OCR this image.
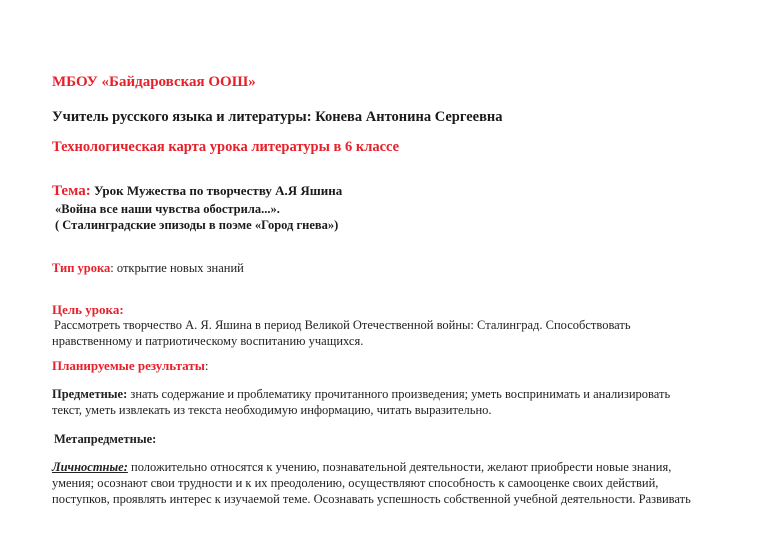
МБОУ «Байдаровская ООШ»
Учитель русского языка и литературы: Конева Антонина Сергеевна
Технологическая карта урока литературы в 6 классе
Тема: Урок Мужества по творчеству А.Я Яшина
«Война все наши чувства обострила...».
( Сталинградские эпизоды в поэме «Город гнева»)
Тип урока: открытие новых знаний
Цель урока:
Рассмотреть творчество А. Я. Яшина в период Великой Отечественной войны: Сталинград. Способствовать
нравственному и патриотическому воспитанию учащихся.
Планируемые результаты:
Предметные: знать содержание и проблематику прочитанного произведения; уметь воспринимать и анализировать
текст, уметь извлекать из текста необходимую информацию, читать выразительно.
Метапредметные:
Личностные: положительно относятся к учению, познавательной деятельности, желают приобрести новые знания,
умения; осознают свои трудности и к их преодолению, осуществляют способность к самооценке своих действий,
поступков, проявлять интерес к изучаемой теме. Осознавать успешность собственной учебной деятельности. Развивать
